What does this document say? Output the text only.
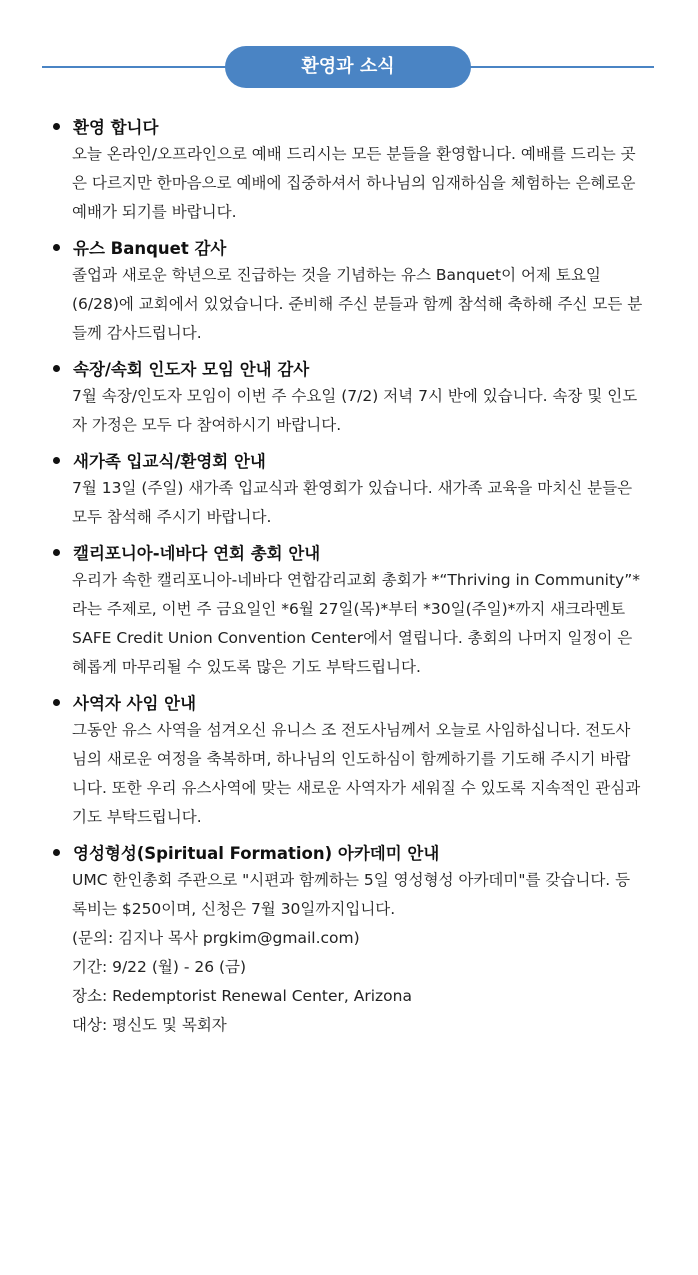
환영과 소식
환영 합니다
오늘 온라인/오프라인으로 예배 드리시는 모든 분들을 환영합니다. 예배를 드리는 곳은 다르지만 한마음으로 예배에 집중하셔서 하나님의 임재하심을 체험하는 은혜로운 예배가 되기를 바랍니다.
유스 Banquet 감사
졸업과 새로운 학년으로 진급하는 것을 기념하는 유스 Banquet이 어제 토요일 (6/28)에 교회에서 있었습니다. 준비해 주신 분들과 함께 참석해 축하해 주신 모든 분들께 감사드립니다.
속장/속회 인도자 모임 안내 감사
7월 속장/인도자 모임이 이번 주 수요일 (7/2) 저녁 7시 반에 있습니다. 속장 및 인도자 가정은 모두 다 참여하시기 바랍니다.
새가족 입교식/환영회 안내
7월 13일 (주일) 새가족 입교식과 환영회가 있습니다. 새가족 교육을 마치신 분들은 모두 참석해 주시기 바랍니다.
캘리포니아-네바다 연회 총회 안내
우리가 속한 캘리포니아-네바다 연합감리교회 총회가 *“Thriving in Community”*라는 주제로, 이번 주 금요일인 *6월 27일(목)*부터 *30일(주일)*까지 새크라멘토 SAFE Credit Union Convention Center에서 열립니다. 총회의 나머지 일정이 은혜롭게 마무리될 수 있도록 많은 기도 부탁드립니다.
사역자 사임 안내
그동안 유스 사역을 섬겨오신 유니스 조 전도사님께서 오늘로 사임하십니다. 전도사님의 새로운 여정을 축복하며, 하나님의 인도하심이 함께하기를 기도해 주시기 바랍니다. 또한 우리 유스사역에 맞는 새로운 사역자가 세워질 수 있도록 지속적인 관심과 기도 부탁드립니다.
영성형성(Spiritual Formation) 아카데미 안내
UMC 한인총회 주관으로 "시편과 함께하는 5일 영성형성 아카데미"를 갖습니다. 등록비는 $250이며, 신청은 7월 30일까지입니다.
(문의: 김지나 목사 prgkim@gmail.com)
기간: 9/22 (월) - 26 (금)
장소: Redemptorist Renewal Center, Arizona
대상: 평신도 및 목회자
